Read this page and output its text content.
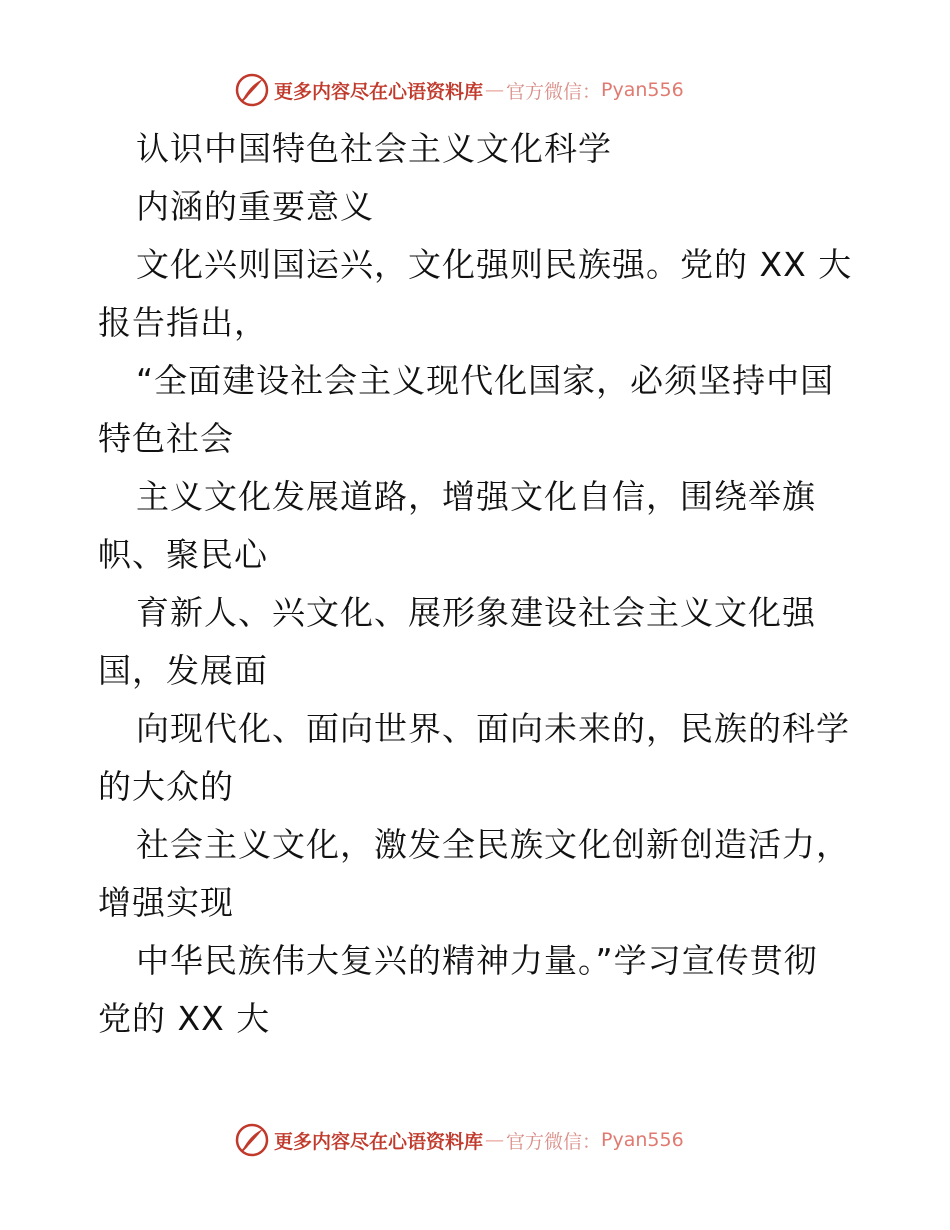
更多内容尽在心语资料库 — 官方微信： Pyan556
认识中国特色社会主义文化科学
内涵的重要意义
文化兴则国运兴，文化强则民族强。党的 XX 大
报告指出，
“全面建设社会主义现代化国家，必须坚持中国
特色社会
主义文化发展道路，增强文化自信，围绕举旗
帜、聚民心
育新人、兴文化、展形象建设社会主义文化强
国，发展面
向现代化、面向世界、面向未来的，民族的科学
的大众的
社会主义文化，激发全民族文化创新创造活力，
增强实现
中华民族伟大复兴的精神力量。”学习宣传贯彻
党的 XX 大
更多内容尽在心语资料库 — 官方微信： Pyan556
